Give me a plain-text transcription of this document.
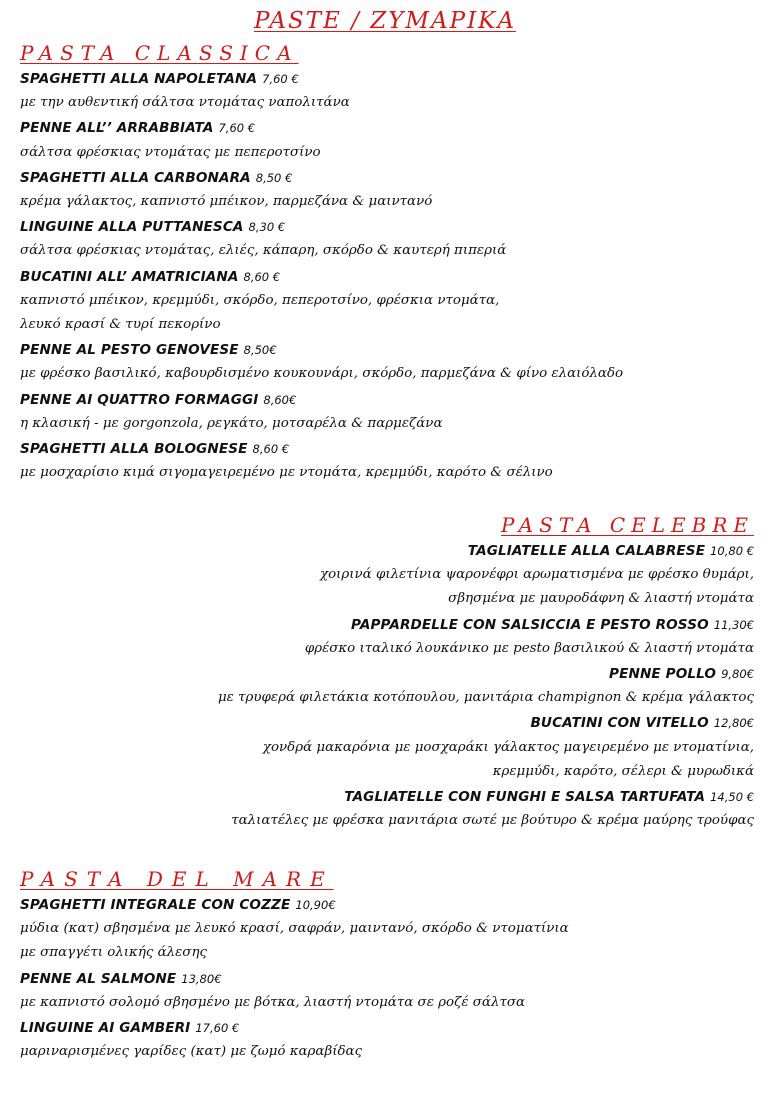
PASTE / ΖΥΜΑΡΙΚΑ
PASTA CLASSICA
SPAGHETTI ALLA NAPOLETANA 7,60 €
με την αυθεντική σάλτσα ντομάτας ναπολιτάνα
PENNE ALL’’ ARRABBIATA 7,60 €
σάλτσα φρέσκιας ντομάτας με πεπεροτσίνο
SPAGHETTI ALLA CARBONARA 8,50 €
κρέμα γάλακτος, καπνιστό μπέικον, παρμεζάνα & μαιντανό
LINGUINE ALLA PUTTANESCA 8,30 €
σάλτσα φρέσκιας ντομάτας, ελιές, κάπαρη, σκόρδο & καυτερή πιπεριά
BUCATINI ALL’ AMATRICIANA 8,60 €
καπνιστό μπέικον, κρεμμύδι, σκόρδο, πεπεροτσίνο, φρέσκια ντομάτα,
λευκό κρασί & τυρί πεκορίνο
PENNE AL PESTO GENOVESE 8,50€
με φρέσκο βασιλικό, καβουρδισμένο κουκουνάρι, σκόρδο, παρμεζάνα & φίνο ελαιόλαδο
PENNE AI QUATTRO FORMAGGI 8,60€
η κλασική - με gorgonzola, ρεγκάτο, μοτσαρέλα & παρμεζάνα
SPAGHETTI ALLA BOLOGNESE 8,60 €
με μοσχαρίσιο κιμά σιγομαγειρεμένο με ντομάτα, κρεμμύδι, καρότο & σέλινο
PASTA CELEBRE
TAGLIATELLE ALLA CALABRESE 10,80 €
χοιρινά φιλετίνια ψαρονέφρι αρωματισμένα με φρέσκο θυμάρι,
σβησμένα με μαυροδάφνη & λιαστή ντομάτα
PAPPARDELLE CON SALSICCIA E PESTO ROSSO 11,30€
φρέσκο ιταλικό λουκάνικο με pesto βασιλικού & λιαστή ντομάτα
PENNE POLLO 9,80€
με τρυφερά φιλετάκια κοτόπουλου, μανιτάρια champignon & κρέμα γάλακτος
BUCATINI CON VITELLO 12,80€
χονδρά μακαρόνια με μοσχαράκι γάλακτος μαγειρεμένο με ντοματίνια,
κρεμμύδι, καρότο, σέλερι & μυρωδικά
TAGLIATELLE CON FUNGHI E SALSA TARTUFATA 14,50 €
ταλιατέλες με φρέσκα μανιτάρια σωτέ με βούτυρο & κρέμα μαύρης τρούφας
PASTA DEL MARE
SPAGHETTI INTEGRALE CON COZZE 10,90€
μύδια (κατ) σβησμένα με λευκό κρασί, σαφράν, μαιντανό, σκόρδο & ντοματίνια
με σπαγγέτι ολικής άλεσης
PENNE AL SALMONE 13,80€
με καπνιστό σολομό σβησμένο με βότκα, λιαστή ντομάτα σε ροζέ σάλτσα
LINGUINE AI GAMBERI 17,60 €
μαριναρισμένες γαρίδες (κατ) με ζωμό καραβίδας
